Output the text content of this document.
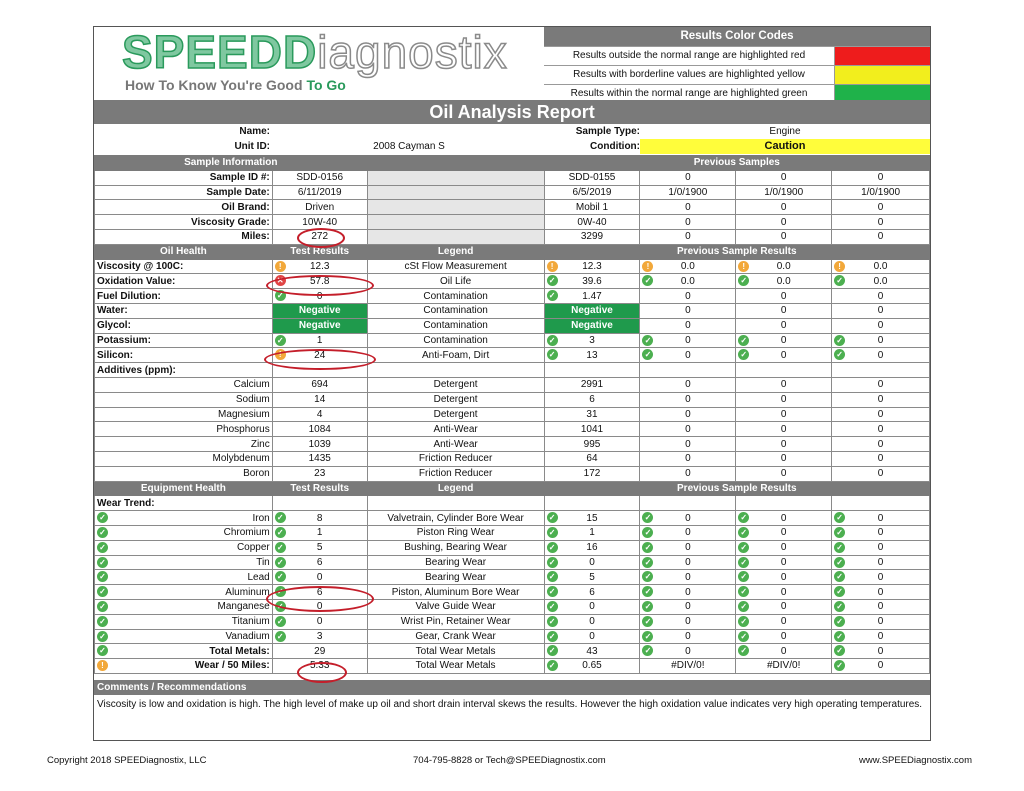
SPEEDDiagnostix
How To Know You're Good To Go
Results Color Codes
Results outside the normal range are highlighted red
Results with borderline values are highlighted yellow
Results within the normal range are highlighted green
Oil Analysis Report
Name:	Sample Type:	Engine
Unit ID:	2008 Cayman S	Condition:	Caution
Sample Information			Previous Samples			
Sample ID #:	SDD-0156		SDD-0155	0	0	0
Sample Date:	6/11/2019		6/5/2019	1/0/1900	1/0/1900	1/0/1900
Oil Brand:	Driven		Mobil 1	0	0	0
Viscosity Grade:	10W-40		0W-40	0	0	0
Miles:	272		3299	0	0	0
Oil Health	Test Results	Legend	Previous Sample Results			
Viscosity @ 100C:	! 12.3	cSt Flow Measurement	! 12.3	! 0.0	! 0.0	! 0.0
Oxidation Value:	✕ 57.8	Oil Life	✓ 39.6	✓ 0.0	✓ 0.0	✓ 0.0
Fuel Dilution:	✓ 0	Contamination	✓ 1.47	0	0	0
Water:	Negative	Contamination	Negative	0	0	0
Glycol:	Negative	Contamination	Negative	0	0	0
Potassium:	✓ 1	Contamination	✓ 3	✓ 0	✓ 0	✓ 0
Silicon:	! 24	Anti-Foam, Dirt	✓ 13	✓ 0	✓ 0	✓ 0
Additives (ppm):						
Calcium	694	Detergent	2991	0	0	0
Sodium	14	Detergent	6	0	0	0
Magnesium	4	Detergent	31	0	0	0
Phosphorus	1084	Anti-Wear	1041	0	0	0
Zinc	1039	Anti-Wear	995	0	0	0
Molybdenum	1435	Friction Reducer	64	0	0	0
Boron	23	Friction Reducer	172	0	0	0
Equipment Health	Test Results	Legend	Previous Sample Results			
Wear Trend:						

✓ Iron	✓ 8	Valvetrain, Cylinder Bore Wear	✓ 15	✓ 0	✓ 0	✓ 0

✓ Chromium	✓ 1	Piston Ring Wear	✓ 1	✓ 0	✓ 0	✓ 0

✓ Copper	✓ 5	Bushing, Bearing Wear	✓ 16	✓ 0	✓ 0	✓ 0

✓ Tin	✓ 6	Bearing Wear	✓ 0	✓ 0	✓ 0	✓ 0

✓ Lead	✓ 0	Bearing Wear	✓ 5	✓ 0	✓ 0	✓ 0

✓ Aluminum	✓ 6	Piston, Aluminum Bore Wear	✓ 6	✓ 0	✓ 0	✓ 0

✓ Manganese	✓ 0	Valve Guide Wear	✓ 0	✓ 0	✓ 0	✓ 0

✓ Titanium	✓ 0	Wrist Pin, Retainer Wear	✓ 0	✓ 0	✓ 0	✓ 0

✓ Vanadium	✓ 3	Gear, Crank Wear	✓ 0	✓ 0	✓ 0	✓ 0

✓ Total Metals:	29	Total Wear Metals	✓ 43	✓ 0	✓ 0	✓ 0

! Wear / 50 Miles:	5.33	Total Wear Metals	✓ 0.65	#DIV/0!	#DIV/0!	✓ 0
Comments / Recommendations
Viscosity is low and oxidation is high. The high level of make up oil and short drain interval skews the results. However the high oxidation value indicates very high operating temperatures.
Copyright 2018 SPEEDiagnostix, LLC	704-795-8828 or Tech@SPEEDiagnostix.com	www.SPEEDiagnostix.com
